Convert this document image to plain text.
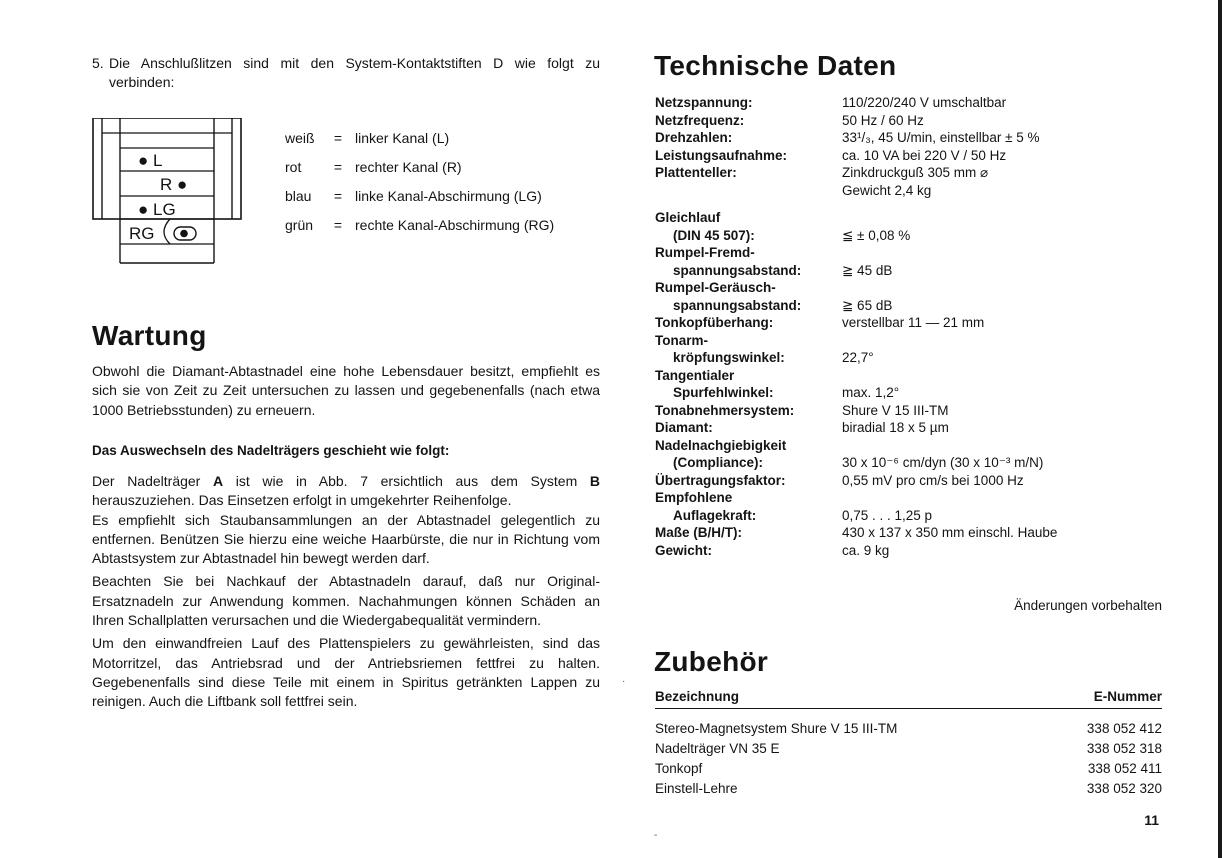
·
-
5. Die Anschlußlitzen sind mit den System-Kontaktstiften D wie folgt zu verbinden:
● L
R ●
● LG
RG
weiß	= linker Kanal (L)
rot	= rechter Kanal (R)
blau	= linke Kanal-Abschirmung (LG)
grün	= rechte Kanal-Abschirmung (RG)
Wartung

Obwohl die Diamant-Abtastnadel eine hohe Lebensdauer besitzt, empfiehlt es sich sie von Zeit zu Zeit untersuchen zu lassen und gegebenenfalls (nach etwa 1000 Betriebsstunden) zu erneuern.

Das Auswechseln des Nadelträgers geschieht wie folgt:

Der Nadelträger A ist wie in Abb. 7 ersichtlich aus dem System B herauszuziehen. Das Einsetzen erfolgt in umgekehrter Reihenfolge.

Es empfiehlt sich Staubansammlungen an der Abtastnadel gelegentlich zu entfernen. Benützen Sie hierzu eine weiche Haarbürste, die nur in Richtung vom Abtastsystem zur Abtastnadel hin bewegt werden darf.

Beachten Sie bei Nachkauf der Abtastnadeln darauf, daß nur Original-Ersatznadeln zur Anwendung kommen. Nachahmungen können Schäden an Ihren Schallplatten verursachen und die Wiedergabequalität vermindern.

Um den einwandfreien Lauf des Plattenspielers zu gewährleisten, sind das Motorritzel, das Antriebsrad und der Antriebsriemen fettfrei zu halten. Gegebenenfalls sind diese Teile mit einem in Spiritus getränkten Lappen zu reinigen. Auch die Liftbank soll fettfrei sein.

Technische Daten
Netzspannung:	110/220/240 V umschaltbar
Netzfrequenz:	50 Hz / 60 Hz
Drehzahlen:	33¹/₃, 45 U/min, einstellbar ± 5 %
Leistungsaufnahme:	ca. 10 VA bei 220 V / 50 Hz
Plattenteller:	Zinkdruckguß 305 mm ⌀
Gewicht 2,4 kg
Gleichlauf
(DIN 45 507):	≦ ± 0,08 %
Rumpel-Fremd-
spannungsabstand:	≧ 45 dB
Rumpel-Geräusch-
spannungsabstand:	≧ 65 dB
Tonkopfüberhang:	verstellbar 11 — 21 mm
Tonarm-
kröpfungswinkel:	22,7°
Tangentialer
Spurfehlwinkel:	max. 1,2°
Tonabnehmersystem:	Shure V 15 III-TM
Diamant:	biradial 18 x 5 µm
Nadelnachgiebigkeit
(Compliance):	30 x 10⁻⁶ cm/dyn (30 x 10⁻³ m/N)
Übertragungsfaktor:	0,55 mV pro cm/s bei 1000 Hz
Empfohlene
Auflagekraft:	0,75 . . . 1,25 p
Maße (B/H/T):	430 x 137 x 350 mm einschl. Haube
Gewicht:	ca. 9 kg
Änderungen vorbehalten
Zubehör
Bezeichnung	E-Nummer
Stereo-Magnetsystem Shure V 15 III-TM	338 052 412
Nadelträger VN 35 E	338 052 318
Tonkopf	338 052 411
Einstell-Lehre	338 052 320
11
